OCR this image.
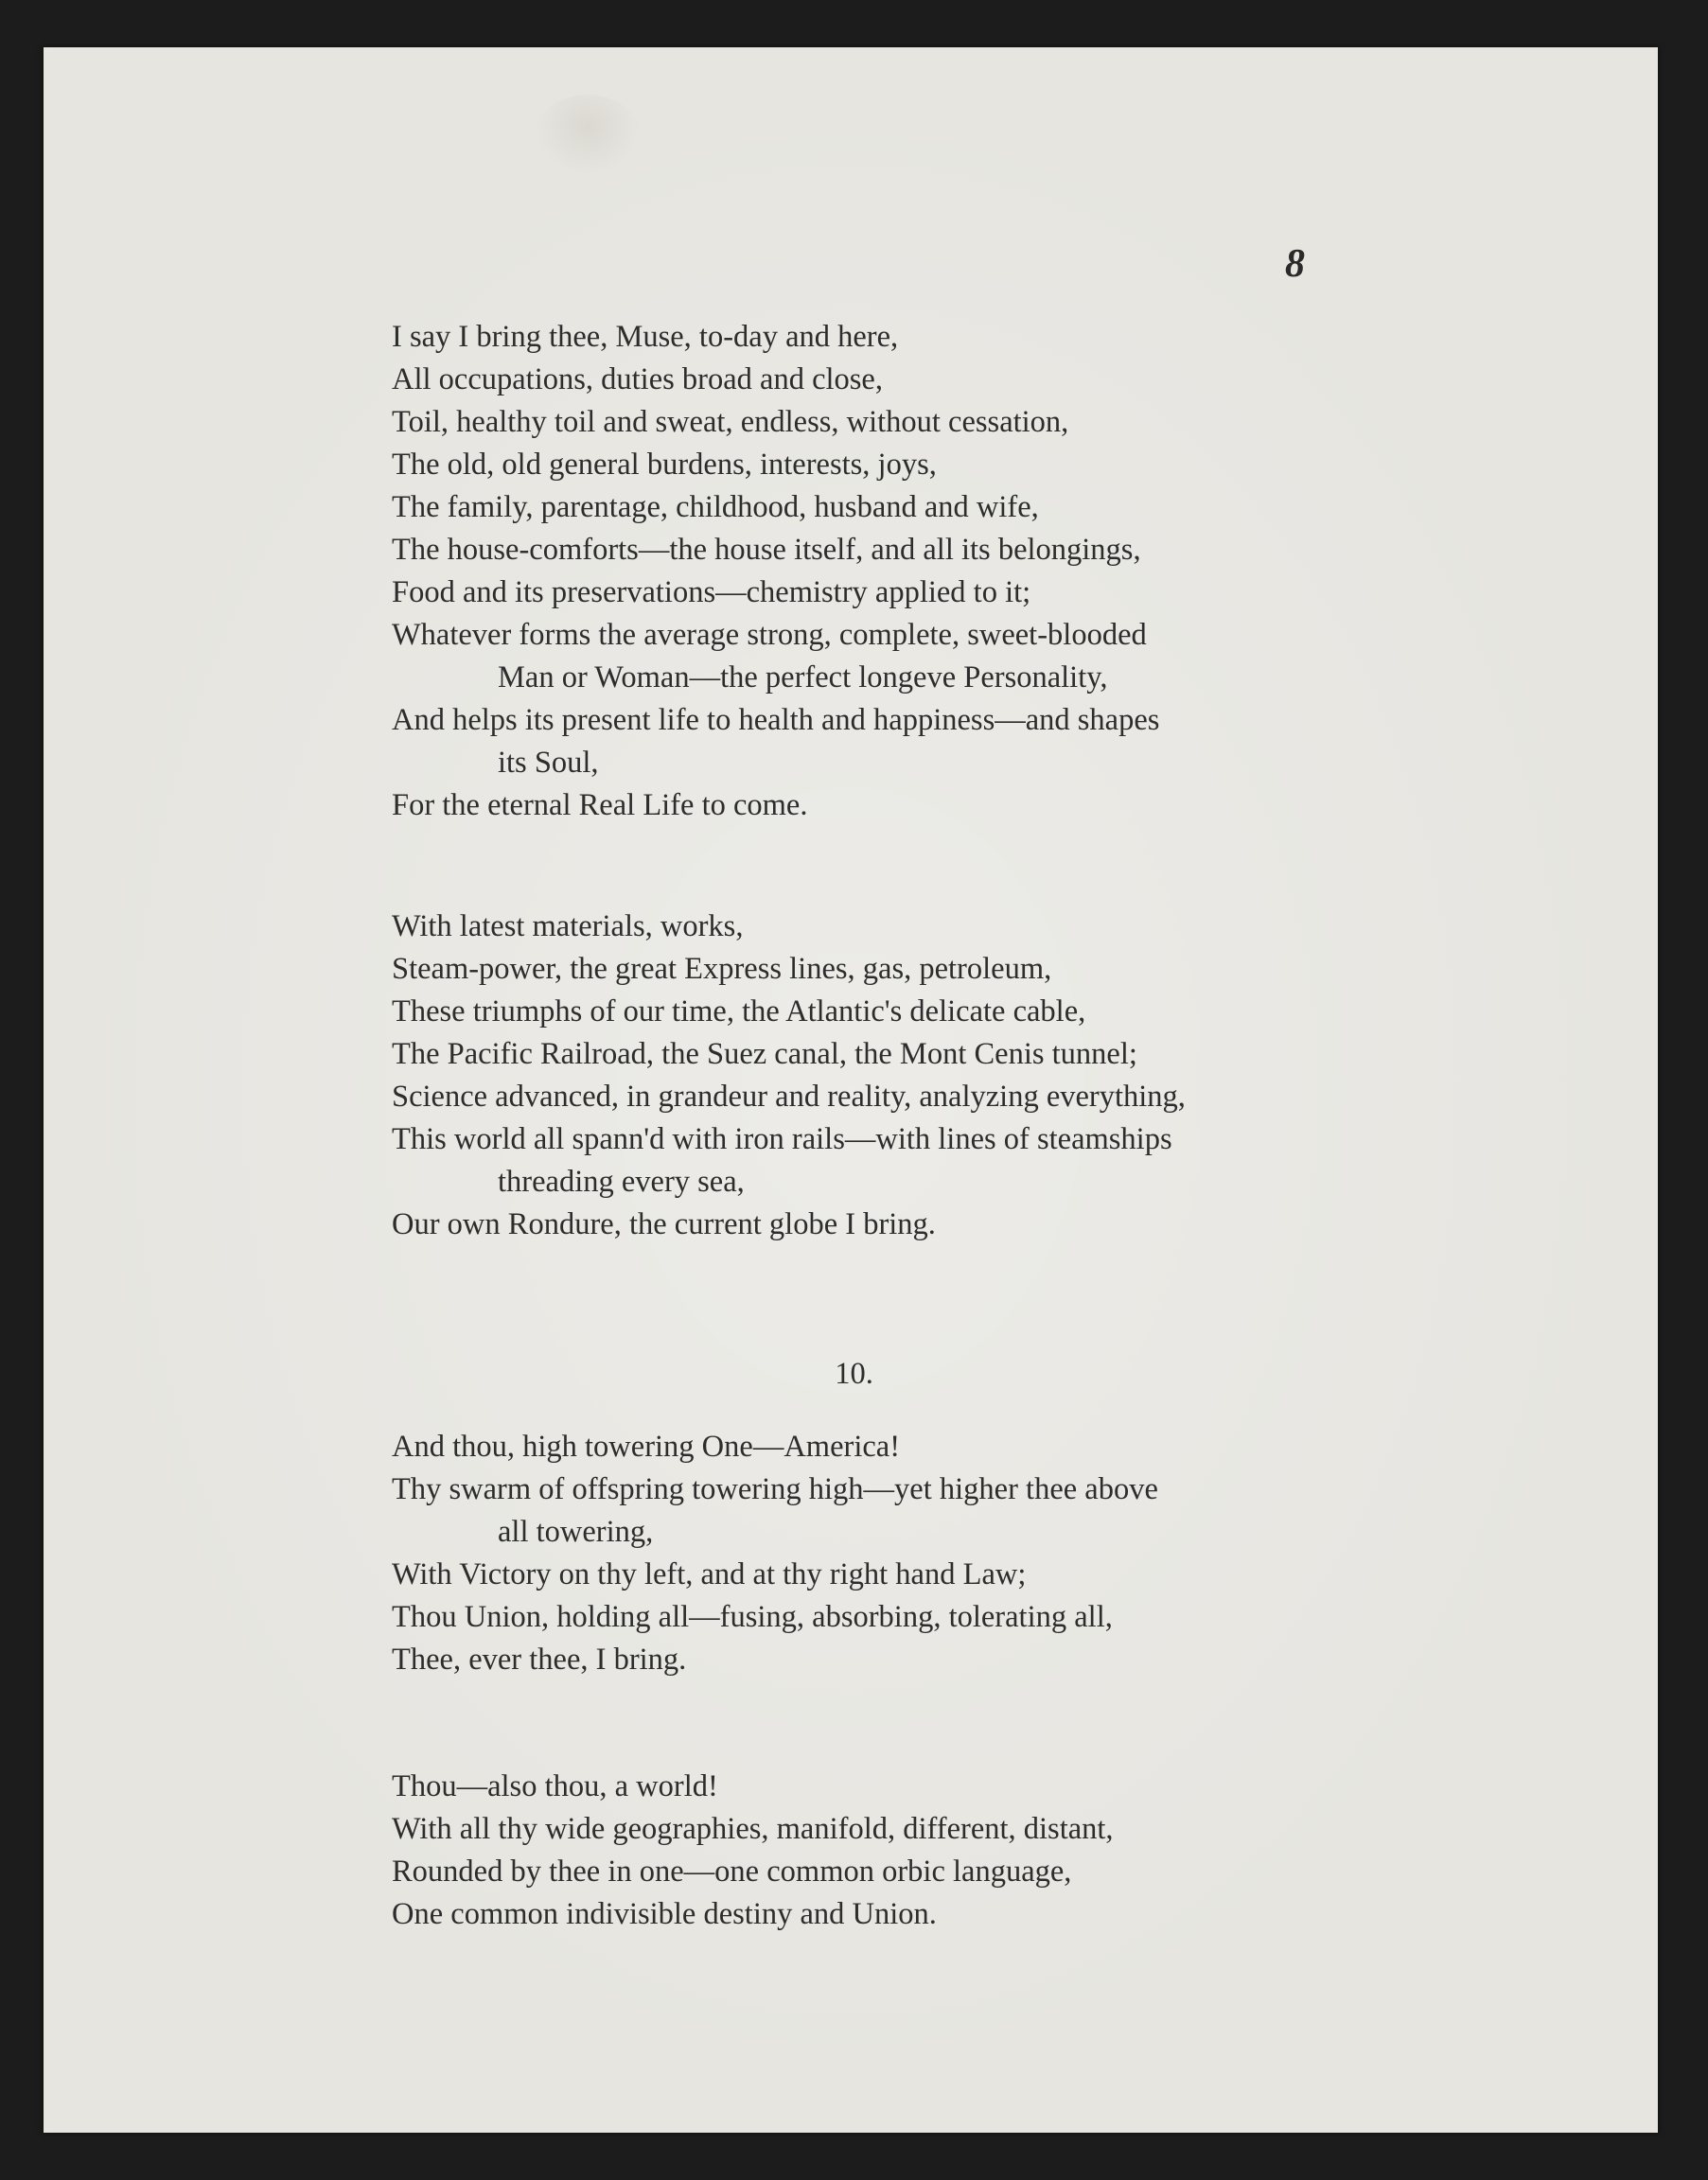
8

I say I bring thee, Muse, to-day and here,
All occupations, duties broad and close,
Toil, healthy toil and sweat, endless, without cessation,
The old, old general burdens, interests, joys,
The family, parentage, childhood, husband and wife,
The house-comforts—the house itself, and all its belongings,
Food and its preservations—chemistry applied to it;
Whatever forms the average strong, complete, sweet-blooded
Man or Woman—the perfect longeve Personality,
And helps its present life to health and happiness—and shapes
its Soul,
For the eternal Real Life to come.
With latest materials, works,
Steam-power, the great Express lines, gas, petroleum,
These triumphs of our time, the Atlantic's delicate cable,
The Pacific Railroad, the Suez canal, the Mont Cenis tunnel;
Science advanced, in grandeur and reality, analyzing everything,
This world all spann'd with iron rails—with lines of steamships
threading every sea,
Our own Rondure, the current globe I bring.

10.

And thou, high towering One—America!
Thy swarm of offspring towering high—yet higher thee above
all towering,
With Victory on thy left, and at thy right hand Law;
Thou Union, holding all—fusing, absorbing, tolerating all,
Thee, ever thee, I bring.
Thou—also thou, a world!
With all thy wide geographies, manifold, different, distant,
Rounded by thee in one—one common orbic language,
One common indivisible destiny and Union.
